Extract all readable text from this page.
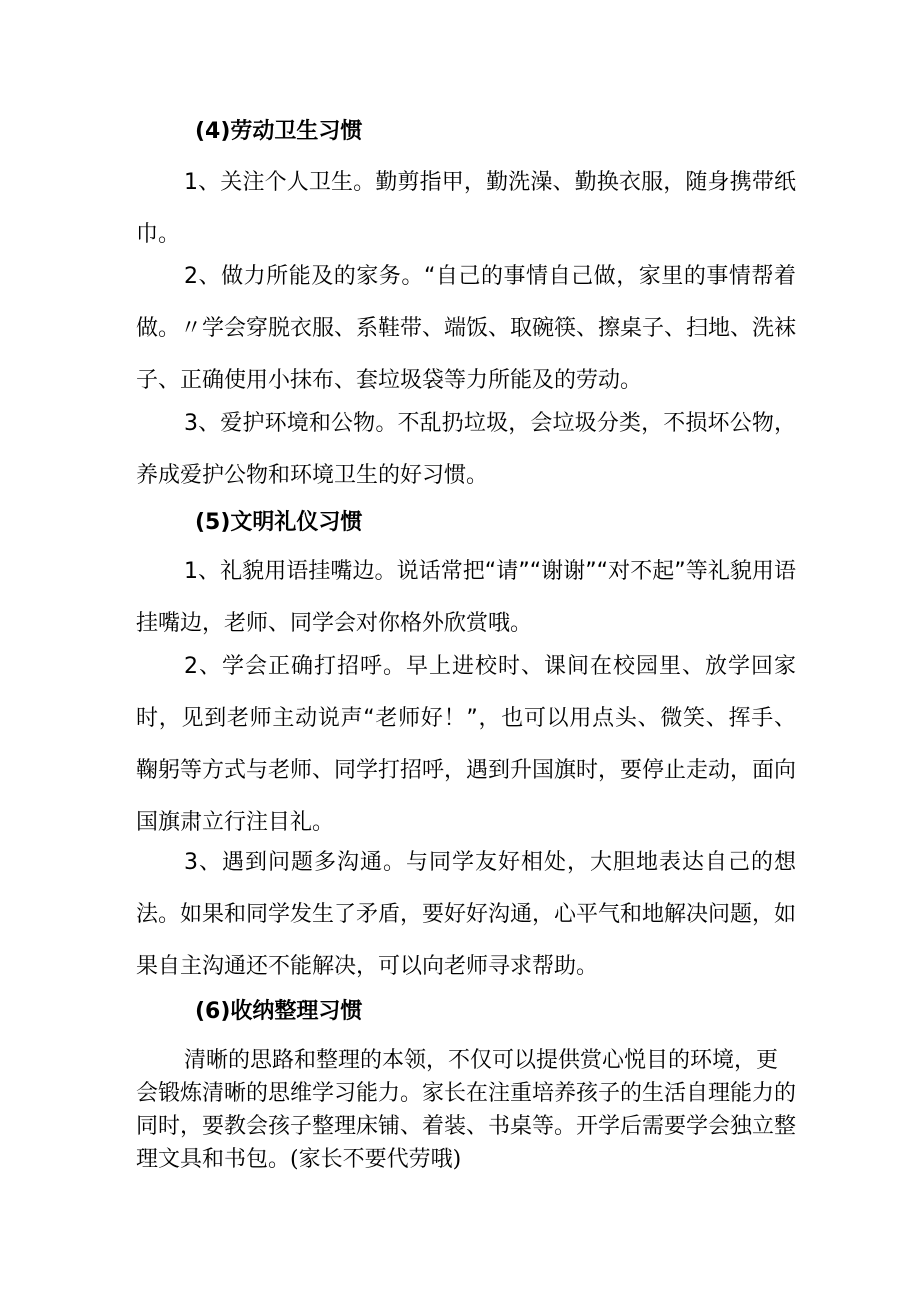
(4)劳动卫生习惯

1、关注个人卫生。勤剪指甲，勤洗澡、勤换衣服，随身携带纸巾。

2、做力所能及的家务。“自己的事情自己做，家里的事情帮着做。〃学会穿脱衣服、系鞋带、端饭、取碗筷、擦桌子、扫地、洗袜子、正确使用小抹布、套垃圾袋等力所能及的劳动。

3、爱护环境和公物。不乱扔垃圾，会垃圾分类，不损坏公物，养成爱护公物和环境卫生的好习惯。

(5)文明礼仪习惯

1、礼貌用语挂嘴边。说话常把“请”“谢谢”“对不起”等礼貌用语挂嘴边，老师、同学会对你格外欣赏哦。

2、学会正确打招呼。早上进校时、课间在校园里、放学回家时，见到老师主动说声“老师好！”，也可以用点头、微笑、挥手、鞠躬等方式与老师、同学打招呼，遇到升国旗时，要停止走动，面向国旗肃立行注目礼。

3、遇到问题多沟通。与同学友好相处，大胆地表达自己的想法。如果和同学发生了矛盾，要好好沟通，心平气和地解决问题，如果自主沟通还不能解决，可以向老师寻求帮助。

(6)收纳整理习惯

清晰的思路和整理的本领，不仅可以提供赏心悦目的环境，更会锻炼清晰的思维学习能力。家长在注重培养孩子的生活自理能力的同时，要教会孩子整理床铺、着装、书桌等。开学后需要学会独立整理文具和书包。(家长不要代劳哦)
